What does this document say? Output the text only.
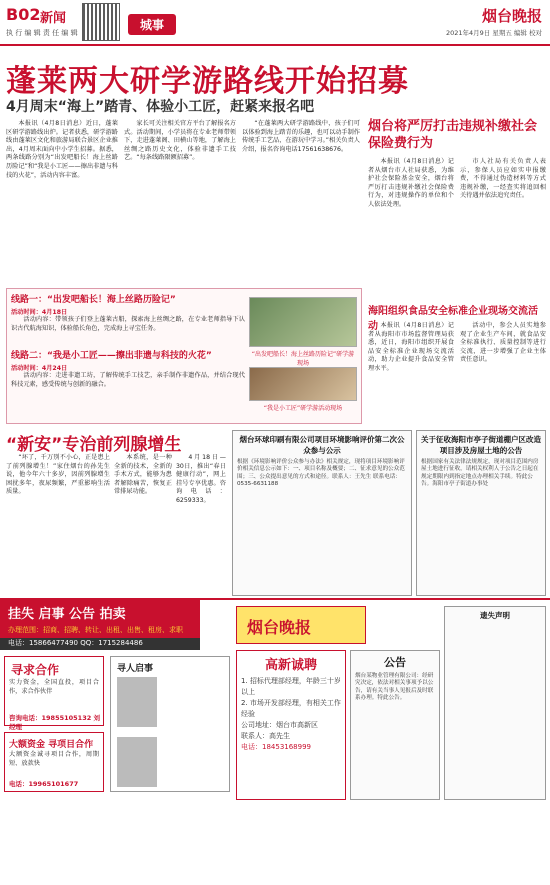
B02 新闻
执 行 编 辑 责 任 编 辑
城事	烟台晚报
2021年4月9日 星期五 编辑 校对
蓬莱两大研学游路线开始招募
4月周末“海上”踏青、体验小工匠，赶紧来报名吧
本报讯（4月8日消息）近日，蓬莱区研学游路线出炉。记者获悉，研学游路线由蓬莱区文化和旅游局联合景区企业推出，4月周末面向中小学生招募。据悉，两条线路分别为“出发吧船长！海上丝路历险记”和“我是小工匠——擦出非遗与科技的火花”，活动内容丰富。
家长可关注相关官方平台了解报名方式。活动期间，小学员将在专业老师带领下，走进蓬莱阁、田横山等地，了解海上丝绸之路历史文化，体验非遗手工技艺。“每条线路限额招募”。
“在蓬莱两大研学游路线中，孩子们可以体验到海上踏青的乐趣，也可以动手制作传统手工艺品，在游玩中学习。”相关负责人介绍，报名咨询电话17561638676。
烟台将严厉打击违规补缴社会保险费行为
本报讯（4月8日消息）记者从烟台市人社局获悉，为维护社会保险基金安全，烟台将严厉打击违规补缴社会保险费行为，对违规操作的单位和个人依法处理。
市人社局有关负责人表示，参保人员应如实申报缴费，不得通过伪造材料等方式违规补缴，一经查实将追回相关待遇并依法追究责任。
线路一：“出发吧船长！海上丝路历险记”
活动时间：4月18日
活动内容：带领孩子们登上蓬莱古船，探索海上丝绸之路，在专业老师指导下认识古代航海知识，体验船长角色，完成海上寻宝任务。
线路二：“我是小工匠——擦出非遗与科技的火花”
活动时间：4月24日
活动内容：走进非遗工坊，了解传统手工技艺，亲手制作非遗作品，并结合现代科技元素，感受传统与创新的融合。
“出发吧船长！海上丝路历险记”研学游现场
“我是小工匠”研学游活动现场
海阳组织食品安全标准企业现场交流活动 本报讯（4月8日消息）记者从海阳市市场监督管理局获悉，近日，海阳市组织开展食品安全标准企业现场交流活动，助力企业提升食品安全管理水平。
活动中，参会人员实地参观了企业生产车间，就食品安全标准执行、质量控制等进行交流，进一步增强了企业主体责任意识。
“新安”专治前列腺增生
“坏了，千万别不小心，正是患上了前列腺增生！”家住烟台的孙先生说，他今年六十多岁，因前列腺增生困扰多年，夜尿频繁，严重影响生活质量。
本系统，是一种全新的技术，全新的手术方式，能够为患者解除痛苦，恢复正常排尿功能。
4月18日—30日，推出“春日健康行动”，网上挂号专享优惠。咨询电话：6259333。
烟台环球印刷有限公司项目环境影响评价第二次公众参与公示
根据《环境影响评价公众参与办法》相关规定，现将项目环境影响评价相关信息公示如下：一、项目名称及概要；二、征求意见的公众范围；三、公众提出意见的方式和途径。联系人：王先生 联系电话：0535-6631188
关于征收海阳市亭子街道棚户区改造项目涉及房屋土地的公告
根据国家有关法律法规规定，现对项目范围内房屋土地进行征收，请相关权利人于公告之日起在规定期限内到指定地点办理相关手续。特此公告。海阳市亭子街道办事处
挂失 启事 公告 拍卖
办理范围：招商、招聘、转让、出租、出售、租房、求职
电话：15866477490 QQ：1715284486
寻求合作
实力资金，全国直投，项目合作，求合作伙伴
咨询电话：19855105132 刘经理
大额资金 寻项目合作
大额资金诚寻项目合作，周期短、放款快
电话：19965101677
寻人启事
烟台晚报
高新诚聘
1. 招标代理部经理，年龄三十岁以上
2. 市场开发部经理，有相关工作经验
公司地址：烟台市高新区
联系人：高先生
电话：18453168999
公告
烟台某物业管理有限公司：经研究决定，依法对相关事项予以公告，请有关当事人见报后及时联系办理。特此公告。
遗失声明
